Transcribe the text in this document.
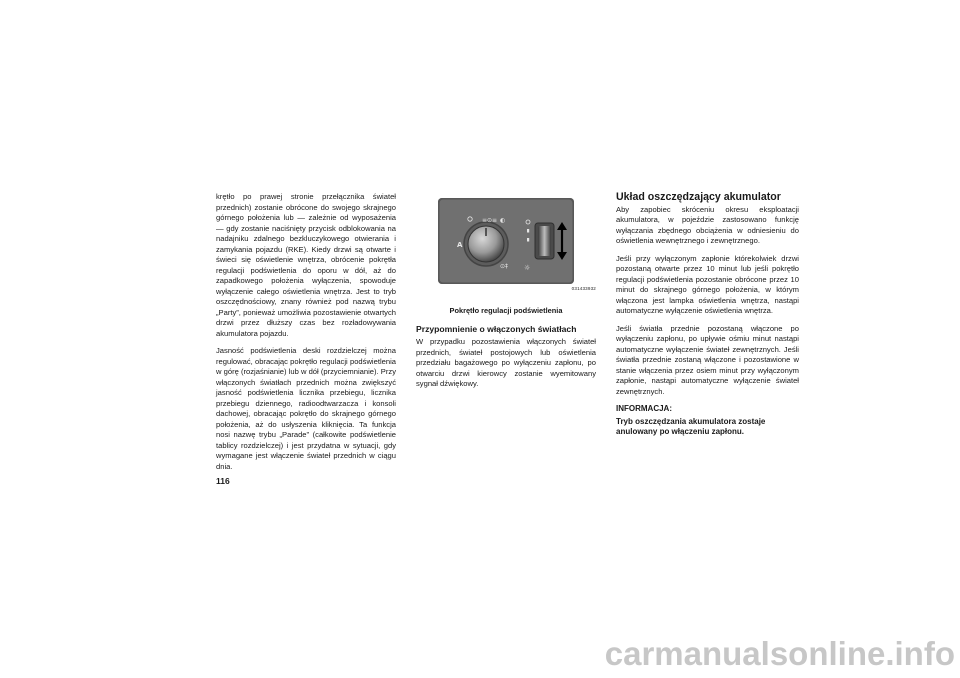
krętło po prawej stronie przełącznika świateł przednich) zostanie obrócone do swojego skrajnego górnego położenia lub — zależnie od wyposażenia — gdy zostanie naciśnięty przycisk odblokowania na nadajniku zdalnego bezkluczykowego otwierania i zamykania pojazdu (RKE). Kiedy drzwi są otwarte i świeci się oświetlenie wnętrza, obrócenie pokrętła regulacji podświetlenia do oporu w dół, aż do zapadkowego położenia wyłączenia, spowoduje wyłączenie całego oświetlenia wnętrza. Jest to tryb oszczędnościowy, znany również pod nazwą trybu „Party”, ponieważ umożliwia pozostawienie otwartych drzwi przez dłuższy czas bez rozładowywania akumulatora pojazdu.

Jasność podświetlenia deski rozdzielczej można regulować, obracając pokrętło regulacji podświetlenia w górę (rozjaśnianie) lub w dół (przyciemnianie). Przy włączonych światłach przednich można zwiększyć jasność podświetlenia licznika przebiegu, licznika przebiegu dziennego, radioodtwarzacza i konsoli dachowej, obracając pokrętło do skrajnego górnego położenia, aż do usłyszenia kliknięcia. Ta funkcja nosi nazwę trybu „Parade” (całkowite podświetlenie tablicy rozdzielczej) i jest przydatna w sytuacji, gdy wymagane jest włączenie świateł przednich w ciągu dnia.

≡⊙≡ ◐
⊙‡
A
☼
031433932
Pokrętło regulacji podświetlenia
Przypomnienie o włączonych światłach

W przypadku pozostawienia włączonych świateł przednich, świateł postojowych lub oświetlenia przedziału bagażowego po wyłączeniu zapłonu, po otwarciu drzwi kierowcy zostanie wyemitowany sygnał dźwiękowy.

Układ oszczędzający akumulator

Aby zapobiec skróceniu okresu eksploatacji akumulatora, w pojeździe zastosowano funkcję wyłączania zbędnego obciążenia w odniesieniu do oświetlenia wewnętrznego i zewnętrznego.

Jeśli przy wyłączonym zapłonie którekolwiek drzwi pozostaną otwarte przez 10 minut lub jeśli pokrętło regulacji podświetlenia pozostanie obrócone przez 10 minut do skrajnego górnego położenia, w którym włączona jest lampka oświetlenia wnętrza, nastąpi automatyczne wyłączenie oświetlenia wnętrza.

Jeśli światła przednie pozostaną włączone po wyłączeniu zapłonu, po upływie ośmiu minut nastąpi automatyczne wyłączenie świateł zewnętrznych. Jeśli światła przednie zostaną włączone i pozostawione w stanie włączenia przez osiem minut przy wyłączonym zapłonie, nastąpi automatyczne wyłączenie świateł zewnętrznych.

INFORMACJA:

Tryb oszczędzania akumulatora zostaje anulowany po włączeniu zapłonu.

116
carmanualsonline.info
